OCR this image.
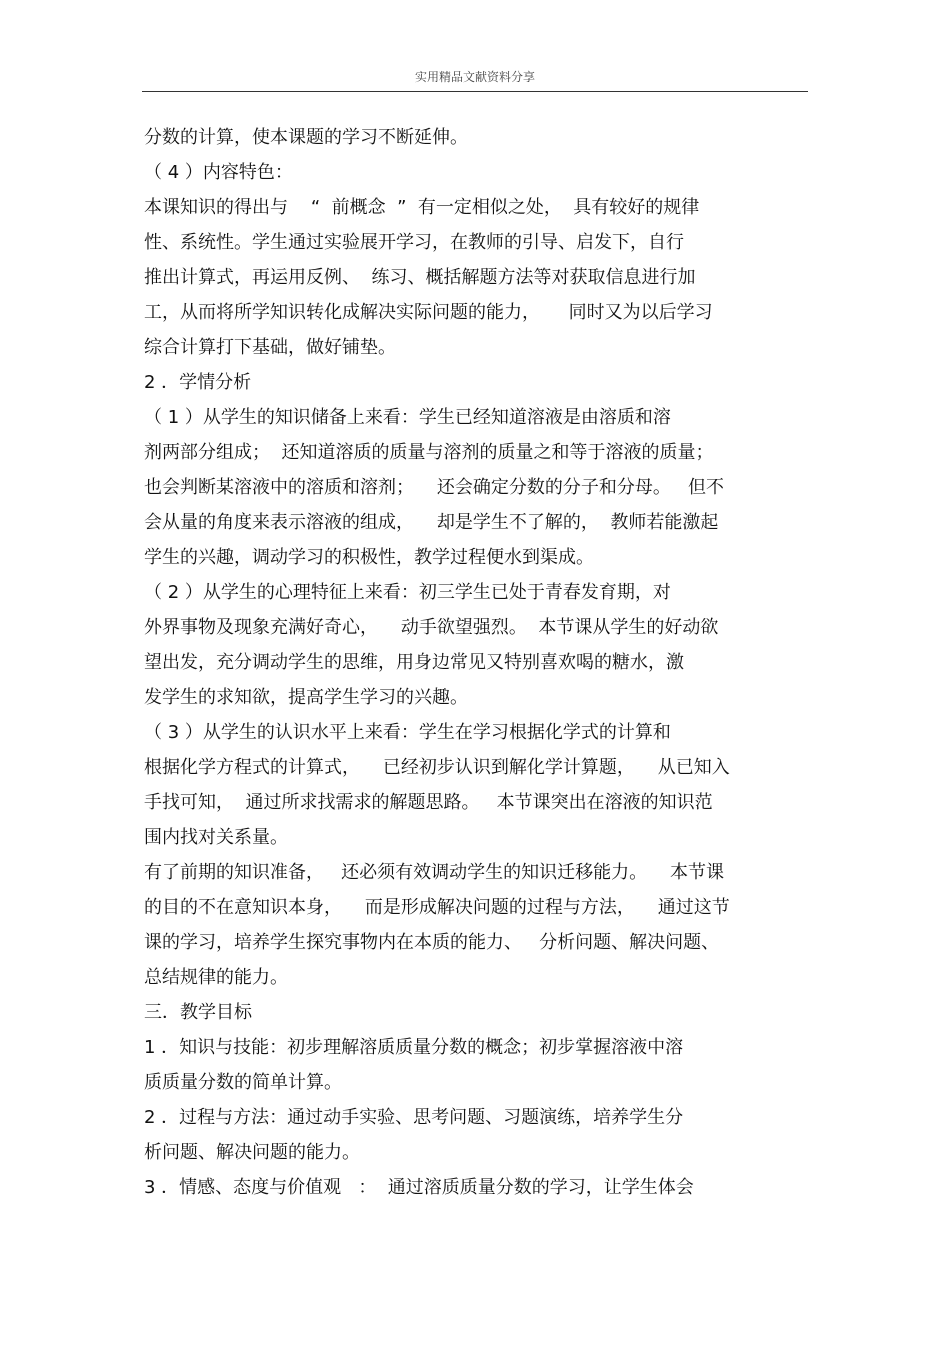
实用精品文献资料分享
分数的计算，使本课题的学习不断延伸。
（ 4 ）内容特色：
本课知识的得出与    “  前概念  ”  有一定相似之处，  具有较好的规律
性、系统性。学生通过实验展开学习，在教师的引导、启发下，自行
推出计算式，再运用反例、  练习、概括解题方法等对获取信息进行加
工，从而将所学知识转化成解决实际问题的能力，     同时又为以后学习
综合计算打下基础，做好铺垫。
2 ．学情分析
（ 1 ）从学生的知识储备上来看：学生已经知道溶液是由溶质和溶
剂两部分组成；  还知道溶质的质量与溶剂的质量之和等于溶液的质量；
也会判断某溶液中的溶质和溶剂；    还会确定分数的分子和分母。   但不
会从量的角度来表示溶液的组成，    却是学生不了解的，  教师若能激起
学生的兴趣，调动学习的积极性，教学过程便水到渠成。
（ 2 ）从学生的心理特征上来看：初三学生已处于青春发育期，对
外界事物及现象充满好奇心，    动手欲望强烈。  本节课从学生的好动欲
望出发，充分调动学生的思维，用身边常见又特别喜欢喝的糖水，激
发学生的求知欲，提高学生学习的兴趣。
（ 3 ）从学生的认识水平上来看：学生在学习根据化学式的计算和
根据化学方程式的计算式，    已经初步认识到解化学计算题，    从已知入
手找可知，  通过所求找需求的解题思路。   本节课突出在溶液的知识范
围内找对关系量。
有了前期的知识准备，   还必须有效调动学生的知识迁移能力。    本节课
的目的不在意知识本身，    而是形成解决问题的过程与方法，    通过这节
课的学习，培养学生探究事物内在本质的能力、   分析问题、解决问题、
总结规律的能力。
三．教学目标
1 ．知识与技能：初步理解溶质质量分数的概念；初步掌握溶液中溶
质质量分数的简单计算。
2 ．过程与方法：通过动手实验、思考问题、习题演练，培养学生分
析问题、解决问题的能力。
3 ．情感、态度与价值观   ：  通过溶质质量分数的学习，让学生体会
